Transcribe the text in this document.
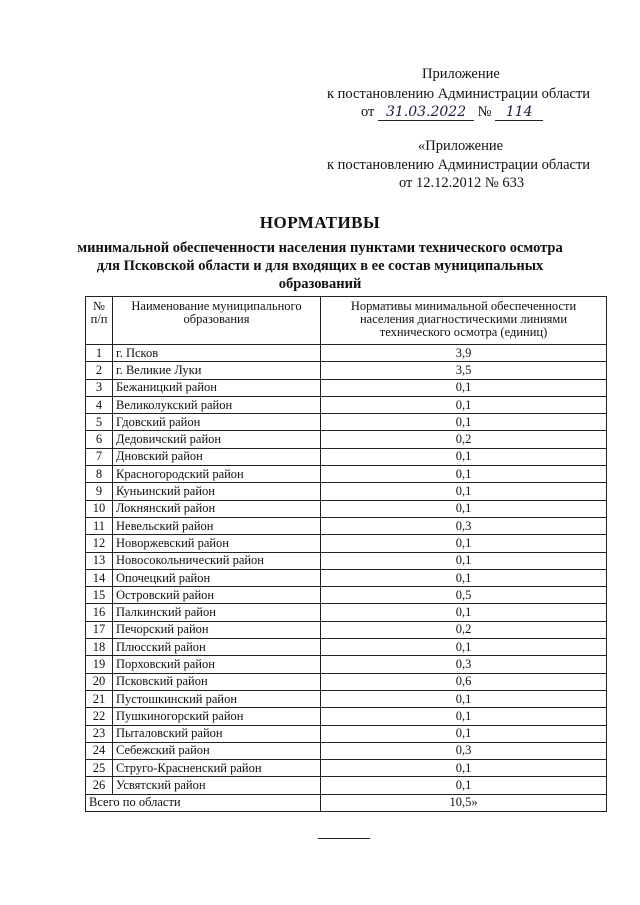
Приложение
к постановлению Администрации области
от 31.03.2022 № 114
«Приложение
к постановлению Администрации области
от 12.12.2012 № 633
НОРМАТИВЫ
минимальной обеспеченности населения пунктами технического осмотра
для Псковской области и для входящих в ее состав муниципальных
образований
№ п/п	Наименование муниципального образования	Нормативы минимальной обеспеченности населения диагностическими линиями технического осмотра (единиц)
1	г. Псков	3,9
2	г. Великие Луки	3,5
3	Бежаницкий район	0,1
4	Великолукский район	0,1
5	Гдовский район	0,1
6	Дедовичский район	0,2
7	Дновский район	0,1
8	Красногородский район	0,1
9	Куньинский район	0,1
10	Локнянский район	0,1
11	Невельский район	0,3
12	Новоржевский район	0,1
13	Новосокольнический район	0,1
14	Опочецкий район	0,1
15	Островский район	0,5
16	Палкинский район	0,1
17	Печорский район	0,2
18	Плюсский район	0,1
19	Порховский район	0,3
20	Псковский район	0,6
21	Пустошкинский район	0,1
22	Пушкиногорский район	0,1
23	Пыталовский район	0,1
24	Себежский район	0,3
25	Струго-Красненский район	0,1
26	Усвятский район	0,1
Всего по области		10,5»
